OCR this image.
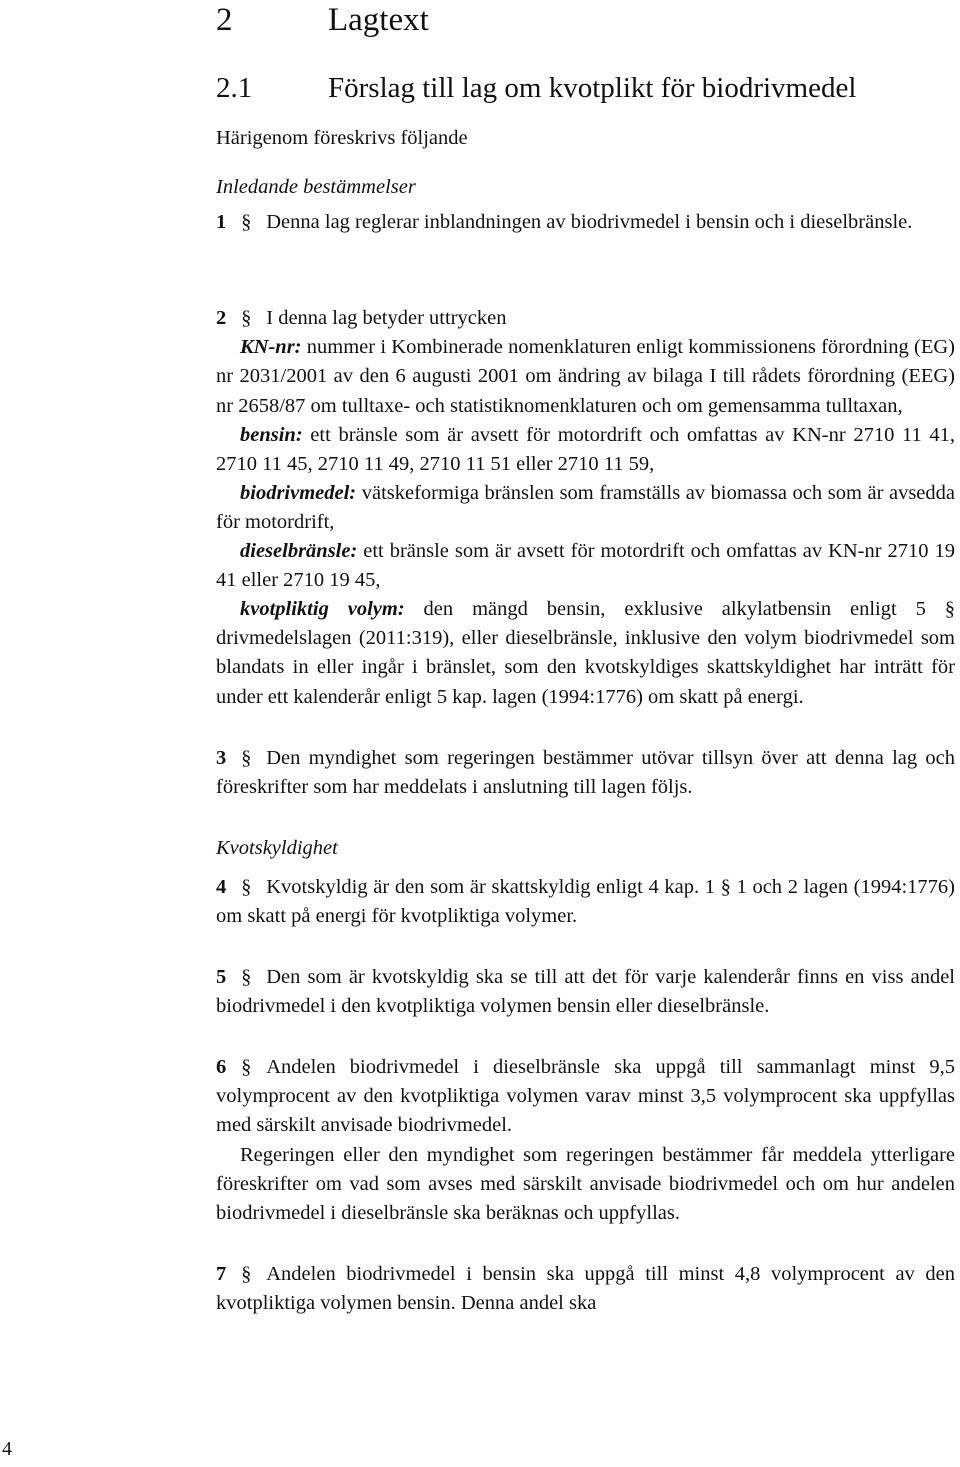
2	Lagtext
2.1	Förslag till lag om kvotplikt för biodrivmedel

Härigenom föreskrivs följande

Inledande bestämmelser

1 § Denna lag reglerar inblandningen av biodrivmedel i bensin och i dieselbränsle.

2 § I denna lag betyder uttrycken

KN-nr: nummer i Kombinerade nomenklaturen enligt kommissionens förordning (EG) nr 2031/2001 av den 6 augusti 2001 om ändring av bilaga I till rådets förordning (EEG) nr 2658/87 om tulltaxe- och statistiknomenklaturen och om gemensamma tulltaxan,

bensin: ett bränsle som är avsett för motordrift och omfattas av KN-nr 2710 11 41, 2710 11 45, 2710 11 49, 2710 11 51 eller 2710 11 59,

biodrivmedel: vätskeformiga bränslen som framställs av biomassa och som är avsedda för motordrift,

dieselbränsle: ett bränsle som är avsett för motordrift och omfattas av KN-nr 2710 19 41 eller 2710 19 45,

kvotpliktig volym: den mängd bensin, exklusive alkylatbensin enligt 5 § drivmedelslagen (2011:319), eller dieselbränsle, inklusive den volym biodrivmedel som blandats in eller ingår i bränslet, som den kvotskyldiges skattskyldighet har inträtt för under ett kalenderår enligt 5 kap. lagen (1994:1776) om skatt på energi.

3 § Den myndighet som regeringen bestämmer utövar tillsyn över att denna lag och föreskrifter som har meddelats i anslutning till lagen följs.

Kvotskyldighet

4 § Kvotskyldig är den som är skattskyldig enligt 4 kap. 1 § 1 och 2 lagen (1994:1776) om skatt på energi för kvotpliktiga volymer.

5 § Den som är kvotskyldig ska se till att det för varje kalenderår finns en viss andel biodrivmedel i den kvotpliktiga volymen bensin eller dieselbränsle.

6 § Andelen biodrivmedel i dieselbränsle ska uppgå till sammanlagt minst 9,5 volymprocent av den kvotpliktiga volymen varav minst 3,5 volymprocent ska uppfyllas med särskilt anvisade biodrivmedel.

Regeringen eller den myndighet som regeringen bestämmer får meddela ytterligare föreskrifter om vad som avses med särskilt anvisade biodrivmedel och om hur andelen biodrivmedel i dieselbränsle ska beräknas och uppfyllas.

7 § Andelen biodrivmedel i bensin ska uppgå till minst 4,8 volymprocent av den kvotpliktiga volymen bensin. Denna andel ska

4
